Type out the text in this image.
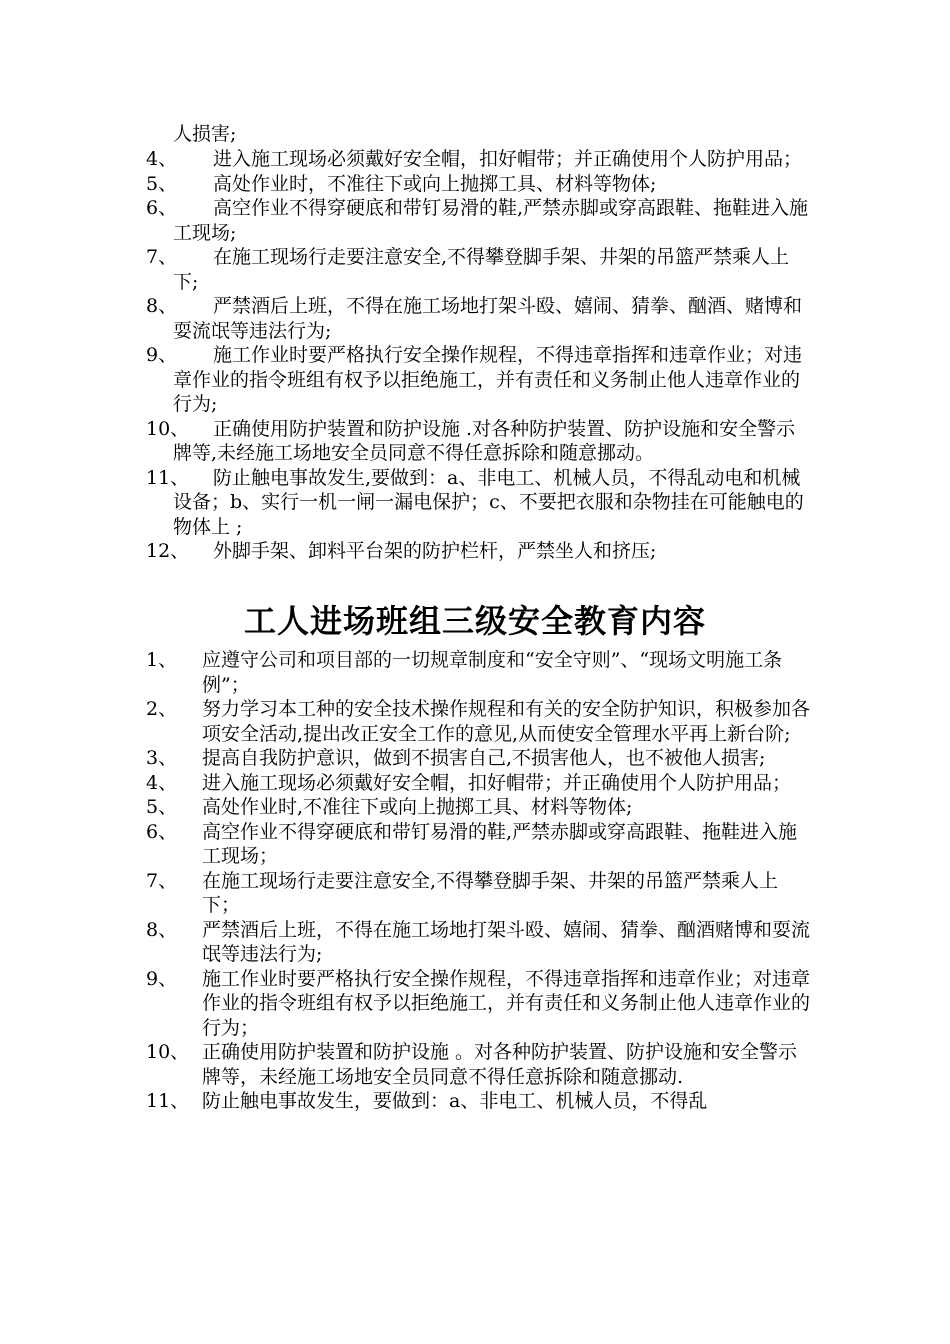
人损害;
4、	进入施工现场必须戴好安全帽，扣好帽带；并正确使用个人防护用品；
5、	高处作业时，不准往下或向上抛掷工具、材料等物体;
6、	高空作业不得穿硬底和带钉易滑的鞋,严禁赤脚或穿高跟鞋、拖鞋进入施工现场;
7、	在施工现场行走要注意安全,不得攀登脚手架、井架的吊篮严禁乘人上下;
8、	严禁酒后上班，不得在施工场地打架斗殴、嬉闹、猜拳、酗酒、赌博和耍流氓等违法行为;
9、	施工作业时要严格执行安全操作规程，不得违章指挥和违章作业；对违章作业的指令班组有权予以拒绝施工，并有责任和义务制止他人违章作业的行为;
10、	正确使用防护装置和防护设施 .对各种防护装置、防护设施和安全警示牌等,未经施工场地安全员同意不得任意拆除和随意挪动。
11、	防止触电事故发生,要做到：a、非电工、机械人员，不得乱动电和机械设备；b、实行一机一闸一漏电保护；c、不要把衣服和杂物挂在可能触电的物体上 ;
12、	外脚手架、卸料平台架的防护栏杆，严禁坐人和挤压;
工人进场班组三级安全教育内容
1、 应遵守公司和项目部的一切规章制度和“安全守则”、“现场文明施工条例”；
2、 努力学习本工种的安全技术操作规程和有关的安全防护知识，积极参加各项安全活动,提出改正安全工作的意见,从而使安全管理水平再上新台阶;
3、 提高自我防护意识，做到不损害自己,不损害他人，也不被他人损害;
4、 进入施工现场必须戴好安全帽，扣好帽带；并正确使用个人防护用品；
5、 高处作业时,不准往下或向上抛掷工具、材料等物体;
6、 高空作业不得穿硬底和带钉易滑的鞋,严禁赤脚或穿高跟鞋、拖鞋进入施工现场；
7、 在施工现场行走要注意安全,不得攀登脚手架、井架的吊篮严禁乘人上下；
8、 严禁酒后上班，不得在施工场地打架斗殴、嬉闹、猜拳、酗酒赌博和耍流氓等违法行为;
9、 施工作业时要严格执行安全操作规程，不得违章指挥和违章作业；对违章作业的指令班组有权予以拒绝施工，并有责任和义务制止他人违章作业的行为；
10、 正确使用防护装置和防护设施 。对各种防护装置、防护设施和安全警示牌等，未经施工场地安全员同意不得任意拆除和随意挪动.
11、 防止触电事故发生，要做到：a、非电工、机械人员，不得乱
